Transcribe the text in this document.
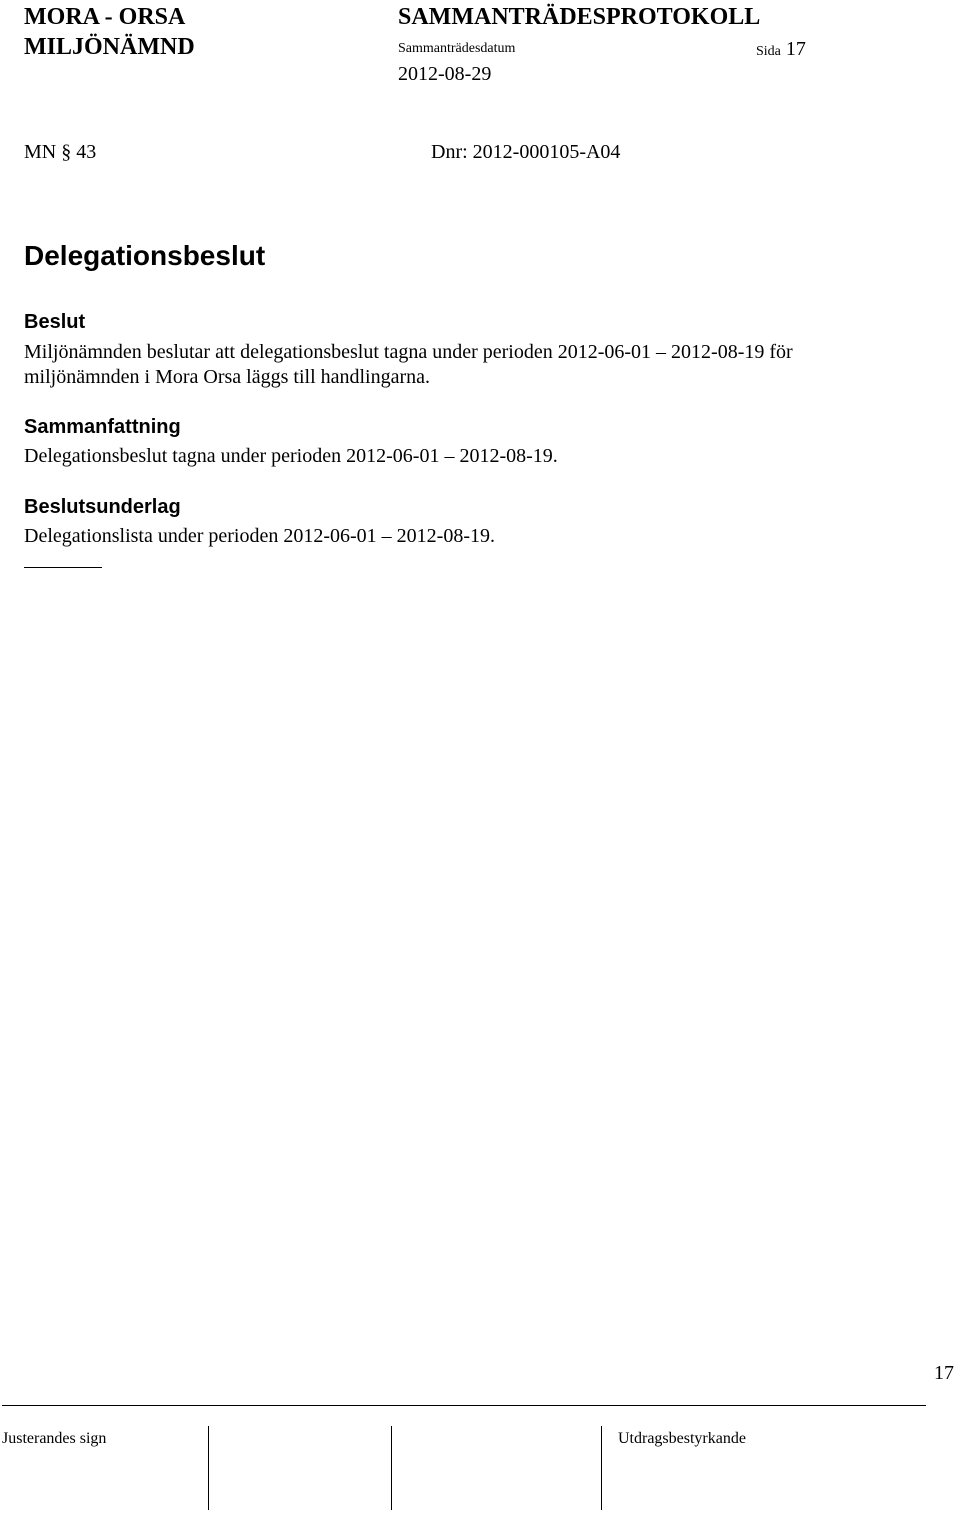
MORA - ORSA
MILJÖNÄMND
SAMMANTRÄDESPROTOKOLL
Sammanträdesdatum
2012-08-29
Sida 17
MN § 43	Dnr: 2012-000105-A04
Delegationsbeslut
Beslut
Miljönämnden beslutar att delegationsbeslut tagna under perioden 2012-06-01 – 2012-08-19 för
miljönämnden i Mora Orsa läggs till handlingarna.
Sammanfattning
Delegationsbeslut tagna under perioden 2012-06-01 – 2012-08-19.
Beslutsunderlag
Delegationslista under perioden 2012-06-01 – 2012-08-19.
17
Justerandes sign	Utdragsbestyrkande
